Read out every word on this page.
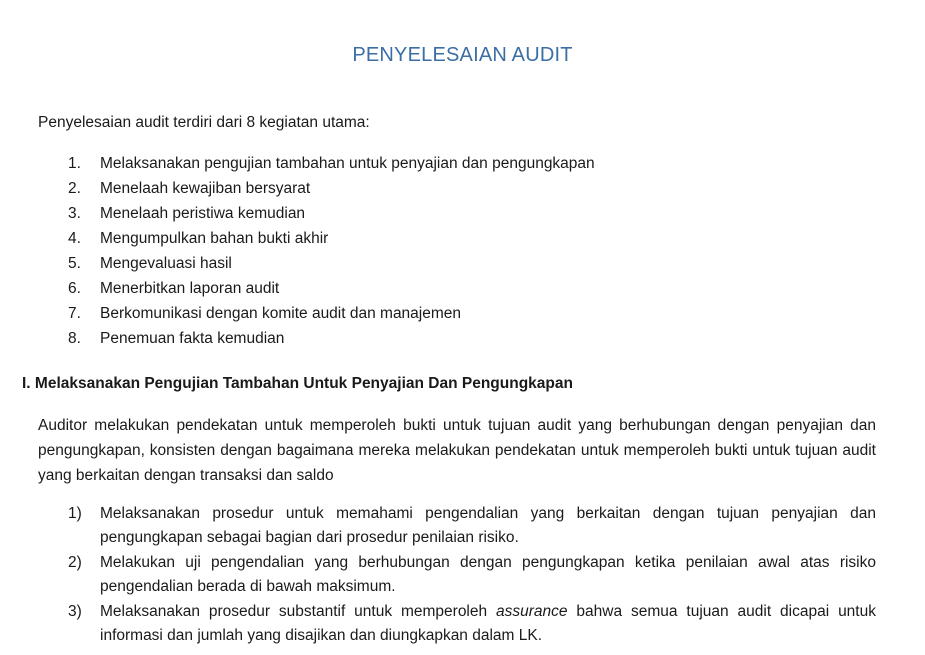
PENYELESAIAN AUDIT
Penyelesaian audit terdiri dari 8 kegiatan utama:
1. Melaksanakan pengujian tambahan untuk penyajian dan pengungkapan
2. Menelaah kewajiban bersyarat
3. Menelaah peristiwa kemudian
4. Mengumpulkan bahan bukti akhir
5. Mengevaluasi hasil
6. Menerbitkan laporan audit
7. Berkomunikasi dengan komite audit dan manajemen
8. Penemuan fakta kemudian
I. Melaksanakan Pengujian Tambahan Untuk Penyajian Dan Pengungkapan
Auditor melakukan pendekatan untuk memperoleh bukti untuk tujuan audit yang berhubungan dengan penyajian dan pengungkapan, konsisten dengan bagaimana mereka melakukan pendekatan untuk memperoleh bukti untuk tujuan audit yang berkaitan dengan transaksi dan saldo
1)	Melaksanakan prosedur untuk memahami pengendalian yang berkaitan dengan tujuan penyajian dan pengungkapan sebagai bagian dari prosedur penilaian risiko.
2)	Melakukan uji pengendalian yang berhubungan dengan pengungkapan ketika penilaian awal atas risiko pengendalian berada di bawah maksimum.
3)	Melaksanakan prosedur substantif untuk memperoleh assurance bahwa semua tujuan audit dicapai untuk informasi dan jumlah yang disajikan dan diungkapkan dalam LK.
